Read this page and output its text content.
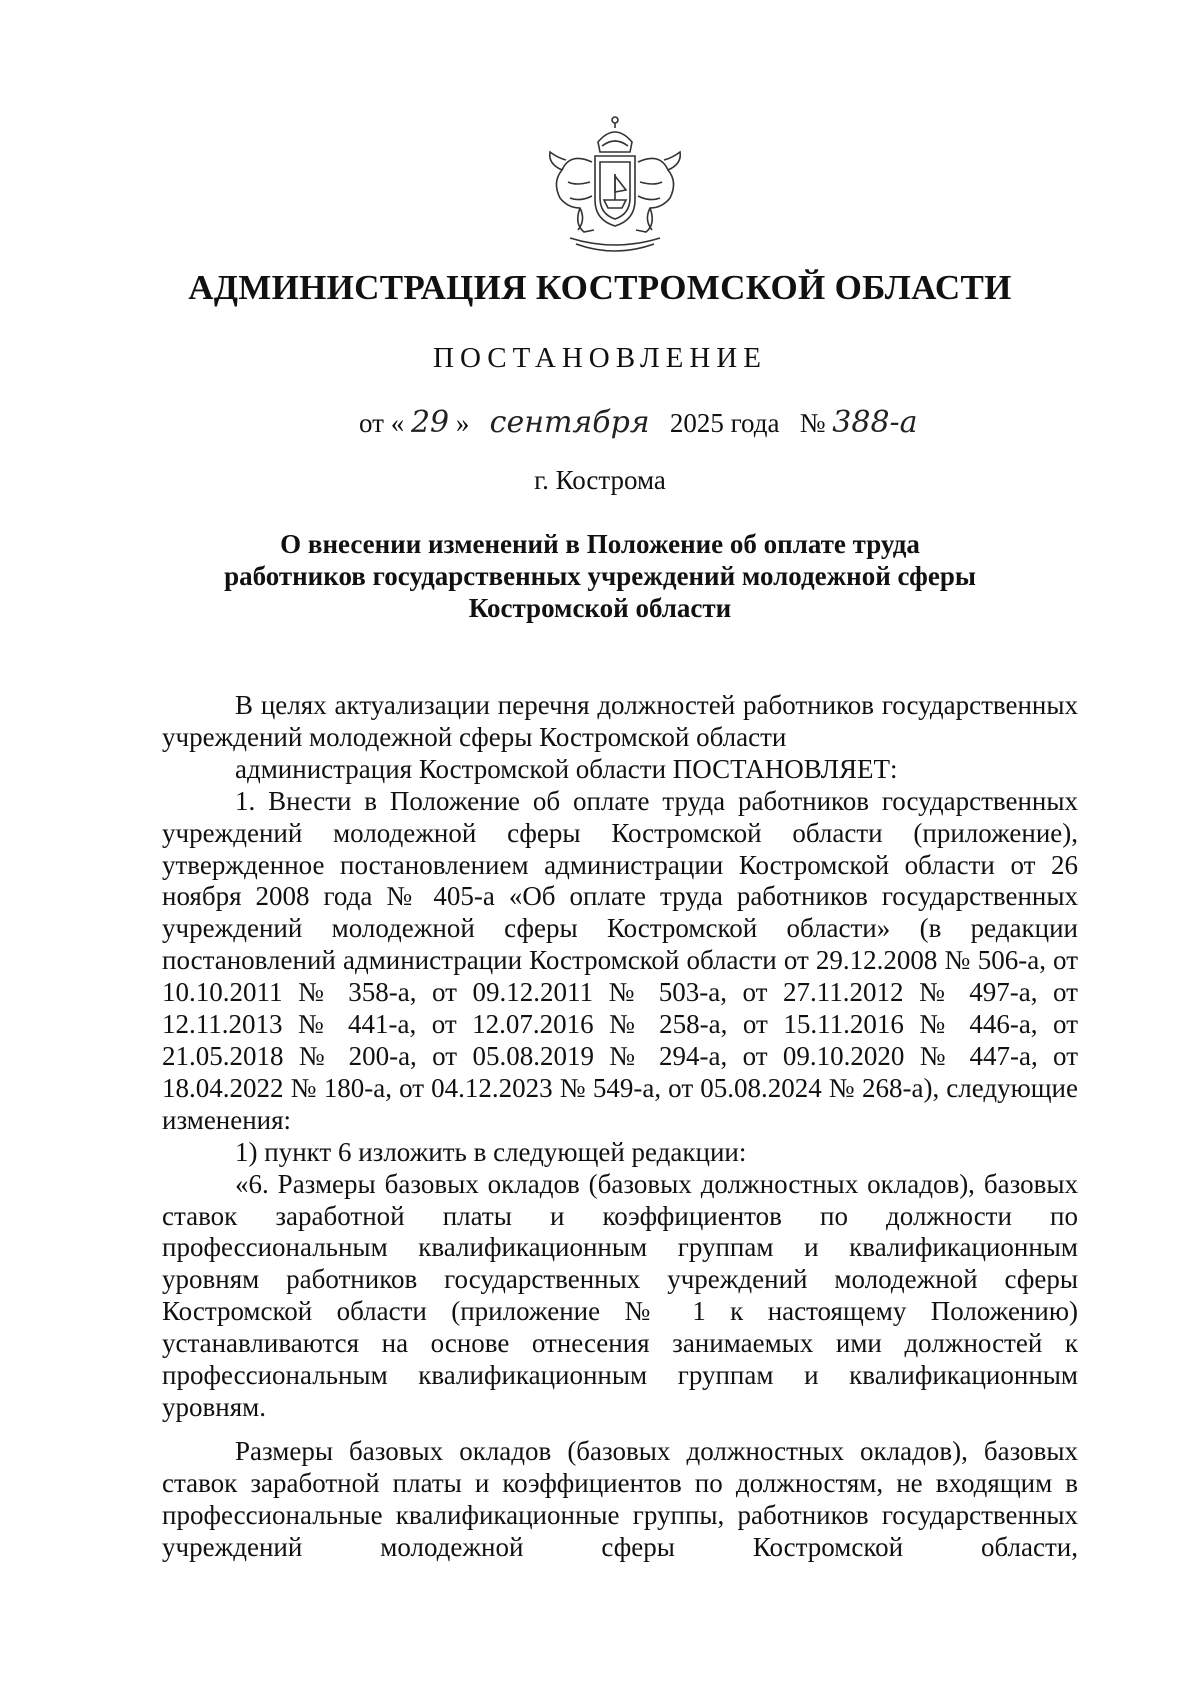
АДМИНИСТРАЦИЯ КОСТРОМСКОЙ ОБЛАСТИ
ПОСТАНОВЛЕНИЕ
от « 29 » сентября 2025 года № 388-а
г. Кострома
О внесении изменений в Положение об оплате труда
работников государственных учреждений молодежной сферы
Костромской области

В целях актуализации перечня должностей работников государственных учреждений молодежной сферы Костромской области

администрация Костромской области ПОСТАНОВЛЯЕТ:

1. Внести в Положение об оплате труда работников государственных учреждений молодежной сферы Костромской области (приложение), утвержденное постановлением администрации Костромской области от 26 ноября 2008 года № 405-а «Об оплате труда работников государственных учреждений молодежной сферы Костромской области» (в редакции постановлений администрации Костромской области от 29.12.2008 № 506-а, от 10.10.2011 № 358-а, от 09.12.2011 № 503-а, от 27.11.2012 № 497-а, от 12.11.2013 № 441-а, от 12.07.2016 № 258-а, от 15.11.2016 № 446-а, от 21.05.2018 № 200-а, от 05.08.2019 № 294-а, от 09.10.2020 № 447-а, от 18.04.2022 № 180-а, от 04.12.2023 № 549-а, от 05.08.2024 № 268-а), следующие изменения:

1) пункт 6 изложить в следующей редакции:

«6. Размеры базовых окладов (базовых должностных окладов), базовых ставок заработной платы и коэффициентов по должности по профессиональным квалификационным группам и квалификационным уровням работников государственных учреждений молодежной сферы Костромской области (приложение № 1 к настоящему Положению) устанавливаются на основе отнесения занимаемых ими должностей к профессиональным квалификационным группам и квалификационным уровням.

Размеры базовых окладов (базовых должностных окладов), базовых ставок заработной платы и коэффициентов по должностям, не входящим в профессиональные квалификационные группы, работников государственных учреждений молодежной сферы Костромской области,
